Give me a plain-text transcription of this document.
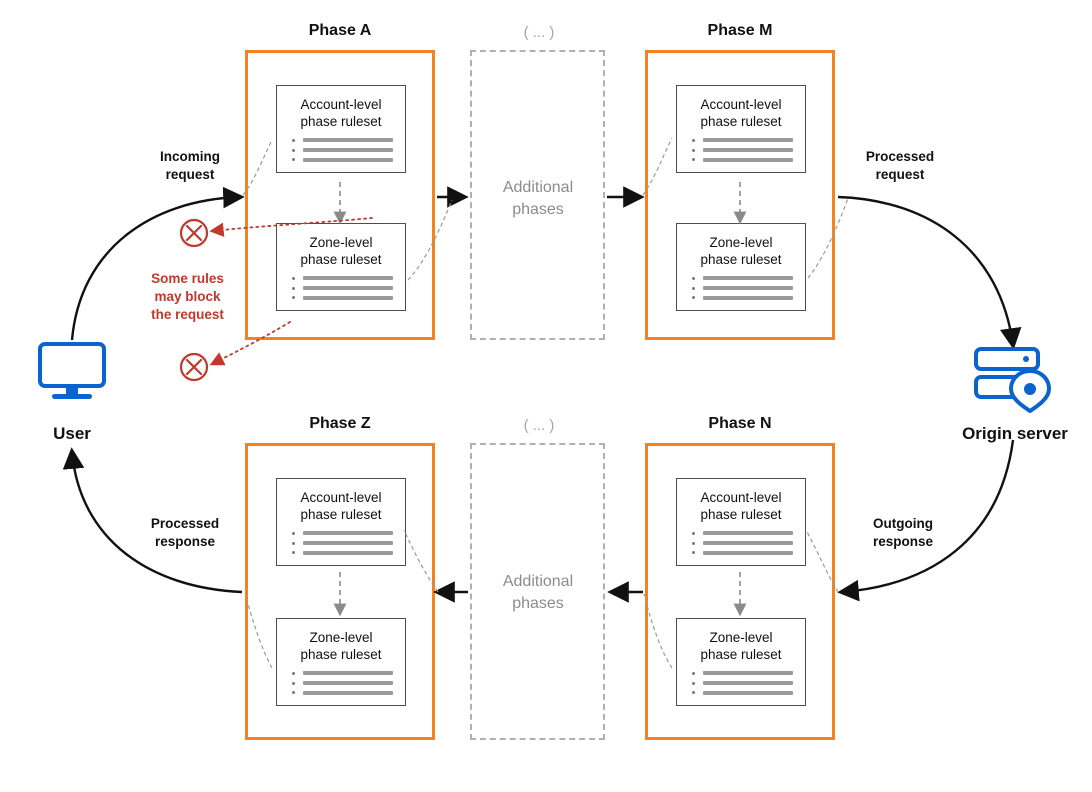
Phase A	Phase M
Phase Z	Phase N
( ... )
( ... )
Account-level
phase ruleset
Zone-level
phase ruleset
Additional
phases
Account-level
phase ruleset
Zone-level
phase ruleset
Account-level
phase ruleset
Zone-level
phase ruleset
Additional
phases
Account-level
phase ruleset
Zone-level
phase ruleset
Incoming
request
Processed
request
Outgoing
response
Processed
response
Some rules
may block
the request
User	Origin server
